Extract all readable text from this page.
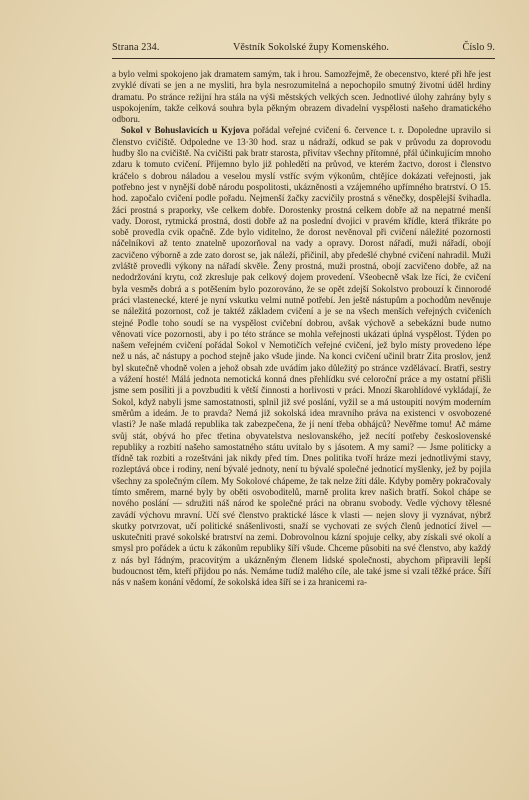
Strana 234.	Věstník Sokolské župy Komenského.	Číslo 9.

a bylo velmi spokojeno jak dramatem samým, tak i hrou. Samozřejmě, že obecenstvo, které při hře jest zvyklé dívati se jen a ne mysliti, hra byla nesrozumitelná a nepochopilo smutný životní úděl hrdiny dramatu. Po stránce režijní hra stála na výši městských velkých scen. Jednotlivé úlohy zahrány byly s uspokojením, takže celková souhra byla pěkným obrazem divadelní vyspělosti našeho dramatického odboru.

Sokol v Bohuslavicích u Kyjova pořádal veřejné cvičení 6. července t. r. Dopoledne upravilo si členstvo cvičiště. Odpoledne ve 13·30 hod. sraz u nádraží, odkud se pak v průvodu za doprovodu hudby šlo na cvičiště. Na cvičišti pak bratr starosta, přivítav všechny přítomné, přál účinkujícím mnoho zdaru k tomuto cvičení. Příjemno bylo již pohledětí na průvod, ve kterém žactvo, dorost i členstvo kráčelo s dobrou náladou a veselou myslí vstříc svým výkonům, chtějíce dokázati veřejnosti, jak potřebno jest v nynější době národu pospolitosti, ukázněnosti a vzájemného upřímného bratrství. O 15. hod. započalo cvičení podle pořadu. Nejmenší žačky zacvičily prostná s věnečky, dospělejší švihadla. žáci prostná s praporky, vše celkem dobře. Dorostenky prostná celkem dobře až na nepatrné menší vady. Dorost, rytmická prostná, dosti dobře až na poslední dvojici v pravém křídle, která třikráte po sobě provedla cvik opačně. Zde bylo viditelno, že dorost nevěnoval při cvičení náležité pozornosti náčelníkovi až tento znatelně upozorňoval na vady a opravy. Dorost nářadí, muži nářadí, obojí zacvičeno výborně a zde zato dorost se, jak náleží, přičinil, aby předešlé chybné cvičení nahradil. Muži zvláště provedli výkony na nářadí skvěle. Ženy prostná, muži prostná, obojí zacvičeno dobře, až na nedodržování krytu, což zkresluje pak celkový dojem provedení. Všeobecně však lze říci, že cvičení byla vesměs dobrá a s potěšením bylo pozorováno, že se opět zdejší Sokolstvo probouzí k činnorodé práci vlastenecké, které je nyní vskutku velmi nutně potřebí. Jen ještě nástupům a pochodům nevěnuje se náležitá pozornost, což je taktéž základem cvičení a je se na všech menších veřejných cvičeních stejné Podle toho soudí se na vyspělost cvičební dobrou, avšak výchově a sebekázni bude nutno věnovati více pozornosti, aby i po této stránce se mohla veřejnosti ukázati úplná vyspělost. Týden po našem veřejném cvičení pořádal Sokol v Nemotičích veřejné cvičení, jež bylo místy provedeno lépe než u nás, ač nástupy a pochod stejně jako všude jinde. Na konci cvičení učinil bratr Zita proslov, jenž byl skutečně vhodně volen a jehož obsah zde uvádím jako důležitý po stránce vzdělávací. Bratři, sestry a vážení hosté! Málá jednota nemotická konná dnes přehlídku své celoroční práce a my ostatní přišli jsme sem posíliti ji a povzbuditi k větší činnosti a horlivosti v práci. Mnozí škarohlídové vykládají, že Sokol, když nabyli jsme samostatnosti, splnil již své poslání, vyžil se a má ustoupiti novým moderním směrům a ideám. Je to pravda? Nemá již sokolská idea mravního práva na existenci v osvobozené vlasti? Je naše mladá republika tak zabezpečena, že jí není třeba obhájců? Nevěřme tomu! Ač máme svůj stát, obývá ho přec třetina obyvatelstva neslovanského, jež necítí potřeby československé republiky a rozbití našeho samostatného státu uvítalo by s jásotem. A my sami? — Jsme politicky a třídně tak rozbiti a rozeštváni jak nikdy před tím. Dnes politika tvoří hráze mezi jednotlivými stavy, rozleptává obce i rodiny, není bývalé jednoty, není tu bývalé společné jednotící myšlenky, jež by pojila všechny za společným cílem. My Sokolové chápeme, že tak nelze žíti dále. Kdyby poměry pokračovaly tímto směrem, marné byly by oběti osvoboditelů, marně prolita krev našich bratří. Sokol chápe se nového poslání — sdružiti náš národ ke společné práci na obranu svobody. Vedle výchovy tělesné zavádí výchovu mravní. Učí své členstvo praktické lásce k vlasti — nejen slovy ji vyznávat, nýbrž skutky potvrzovat, učí politické snášenlivosti, snaží se vychovati ze svých členů jednotící živel — uskutečniti pravé sokolské bratrství na zemi. Dobrovolnou kázní spojuje celky, aby získali své okolí a smysl pro pořádek a úctu k zákonům republiky šíří všude. Chceme působiti na své členstvo, aby každý z nás byl řádným, pracovitým a ukázněným členem lidské společnosti, abychom připravili lepší budoucnost těm, kteří přijdou po nás. Nemáme tudíž malého cíle, ale také jsme si vzali těžké práce. Šíří nás v našem konání vědomí, že sokolská idea šíří se i za hranicemi ra-
